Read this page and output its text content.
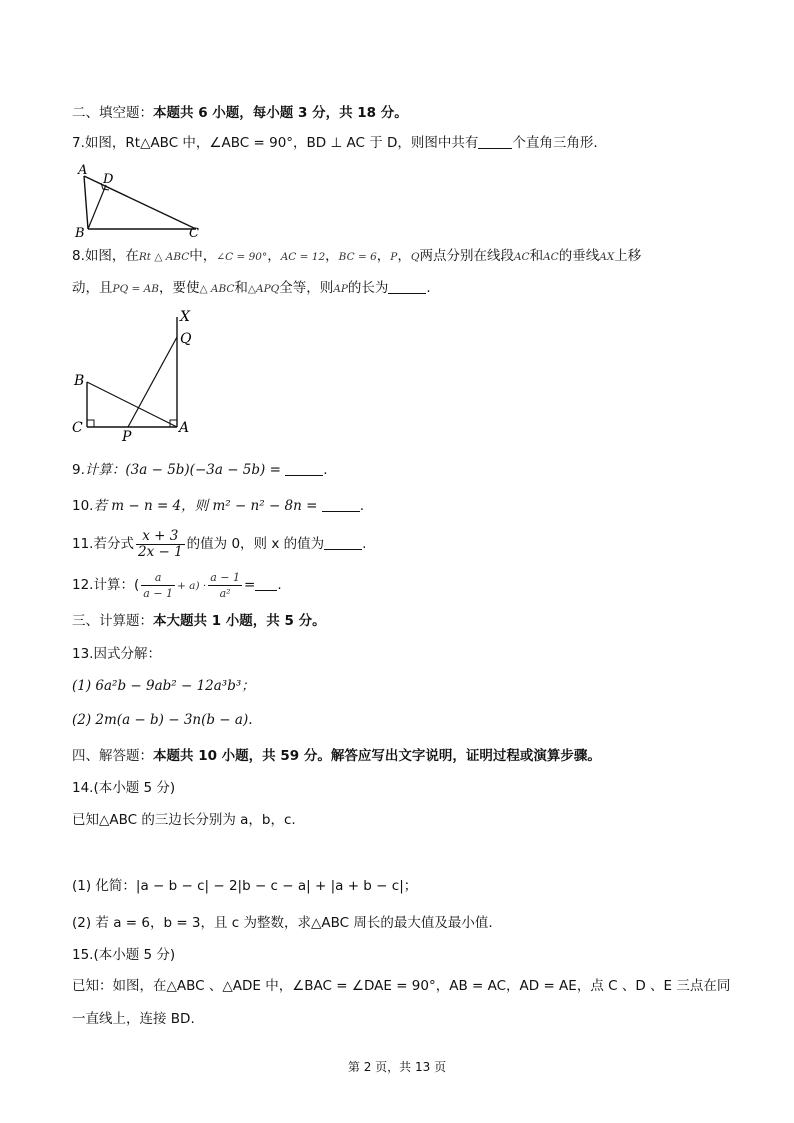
二、填空题：本题共 6 小题，每小题 3 分，共 18 分。
7.如图，Rt△ABC 中，∠ABC = 90°，BD ⊥ AC 于 D，则图中共有	个直角三角形.
A
D
B	C
8.如图，在Rt △ ABC中，∠C = 90°，AC = 12，BC = 6，P，Q两点分别在线段AC和AC的垂线AX上移
动，且PQ = AB，要使△ ABC和△APQ全等，则AP的长为	.
X
Q
B
C
P
A
9.计算：(3a − 5b)(−3a − 5b) =	.
10.若 m − n = 4，则 m² − n² − 8n =	.
11.若分式 $\frac{x + 3}{2x - 1}$ 的值为 0，则 x 的值为	.
12.计算：( $\frac{a}{a - 1} + a) \cdot \frac{a - 1}{\text{a²}}$ = .
三、计算题：本大题共 1 小题，共 5 分。
13.因式分解：
(1) 6a²b − 9ab² − 12a³b³；
(2) 2m(a − b) − 3n(b − a).
四、解答题：本题共 10 小题，共 59 分。解答应写出文字说明，证明过程或演算步骤。
14.(本小题 5 分)
已知△ABC 的三边长分别为 a，b，c.
(1) 化简：|a − b − c| − 2|b − c − a| + |a + b − c|；
(2) 若 a = 6，b = 3，且 c 为整数，求△ABC 周长的最大值及最小值.
15.(本小题 5 分)
已知：如图，在△ABC 、△ADE 中，∠BAC = ∠DAE = 90°，AB = AC，AD = AE，点 C 、D 、E 三点在同
一直线上，连接 BD.
第 2 页，共 13 页
